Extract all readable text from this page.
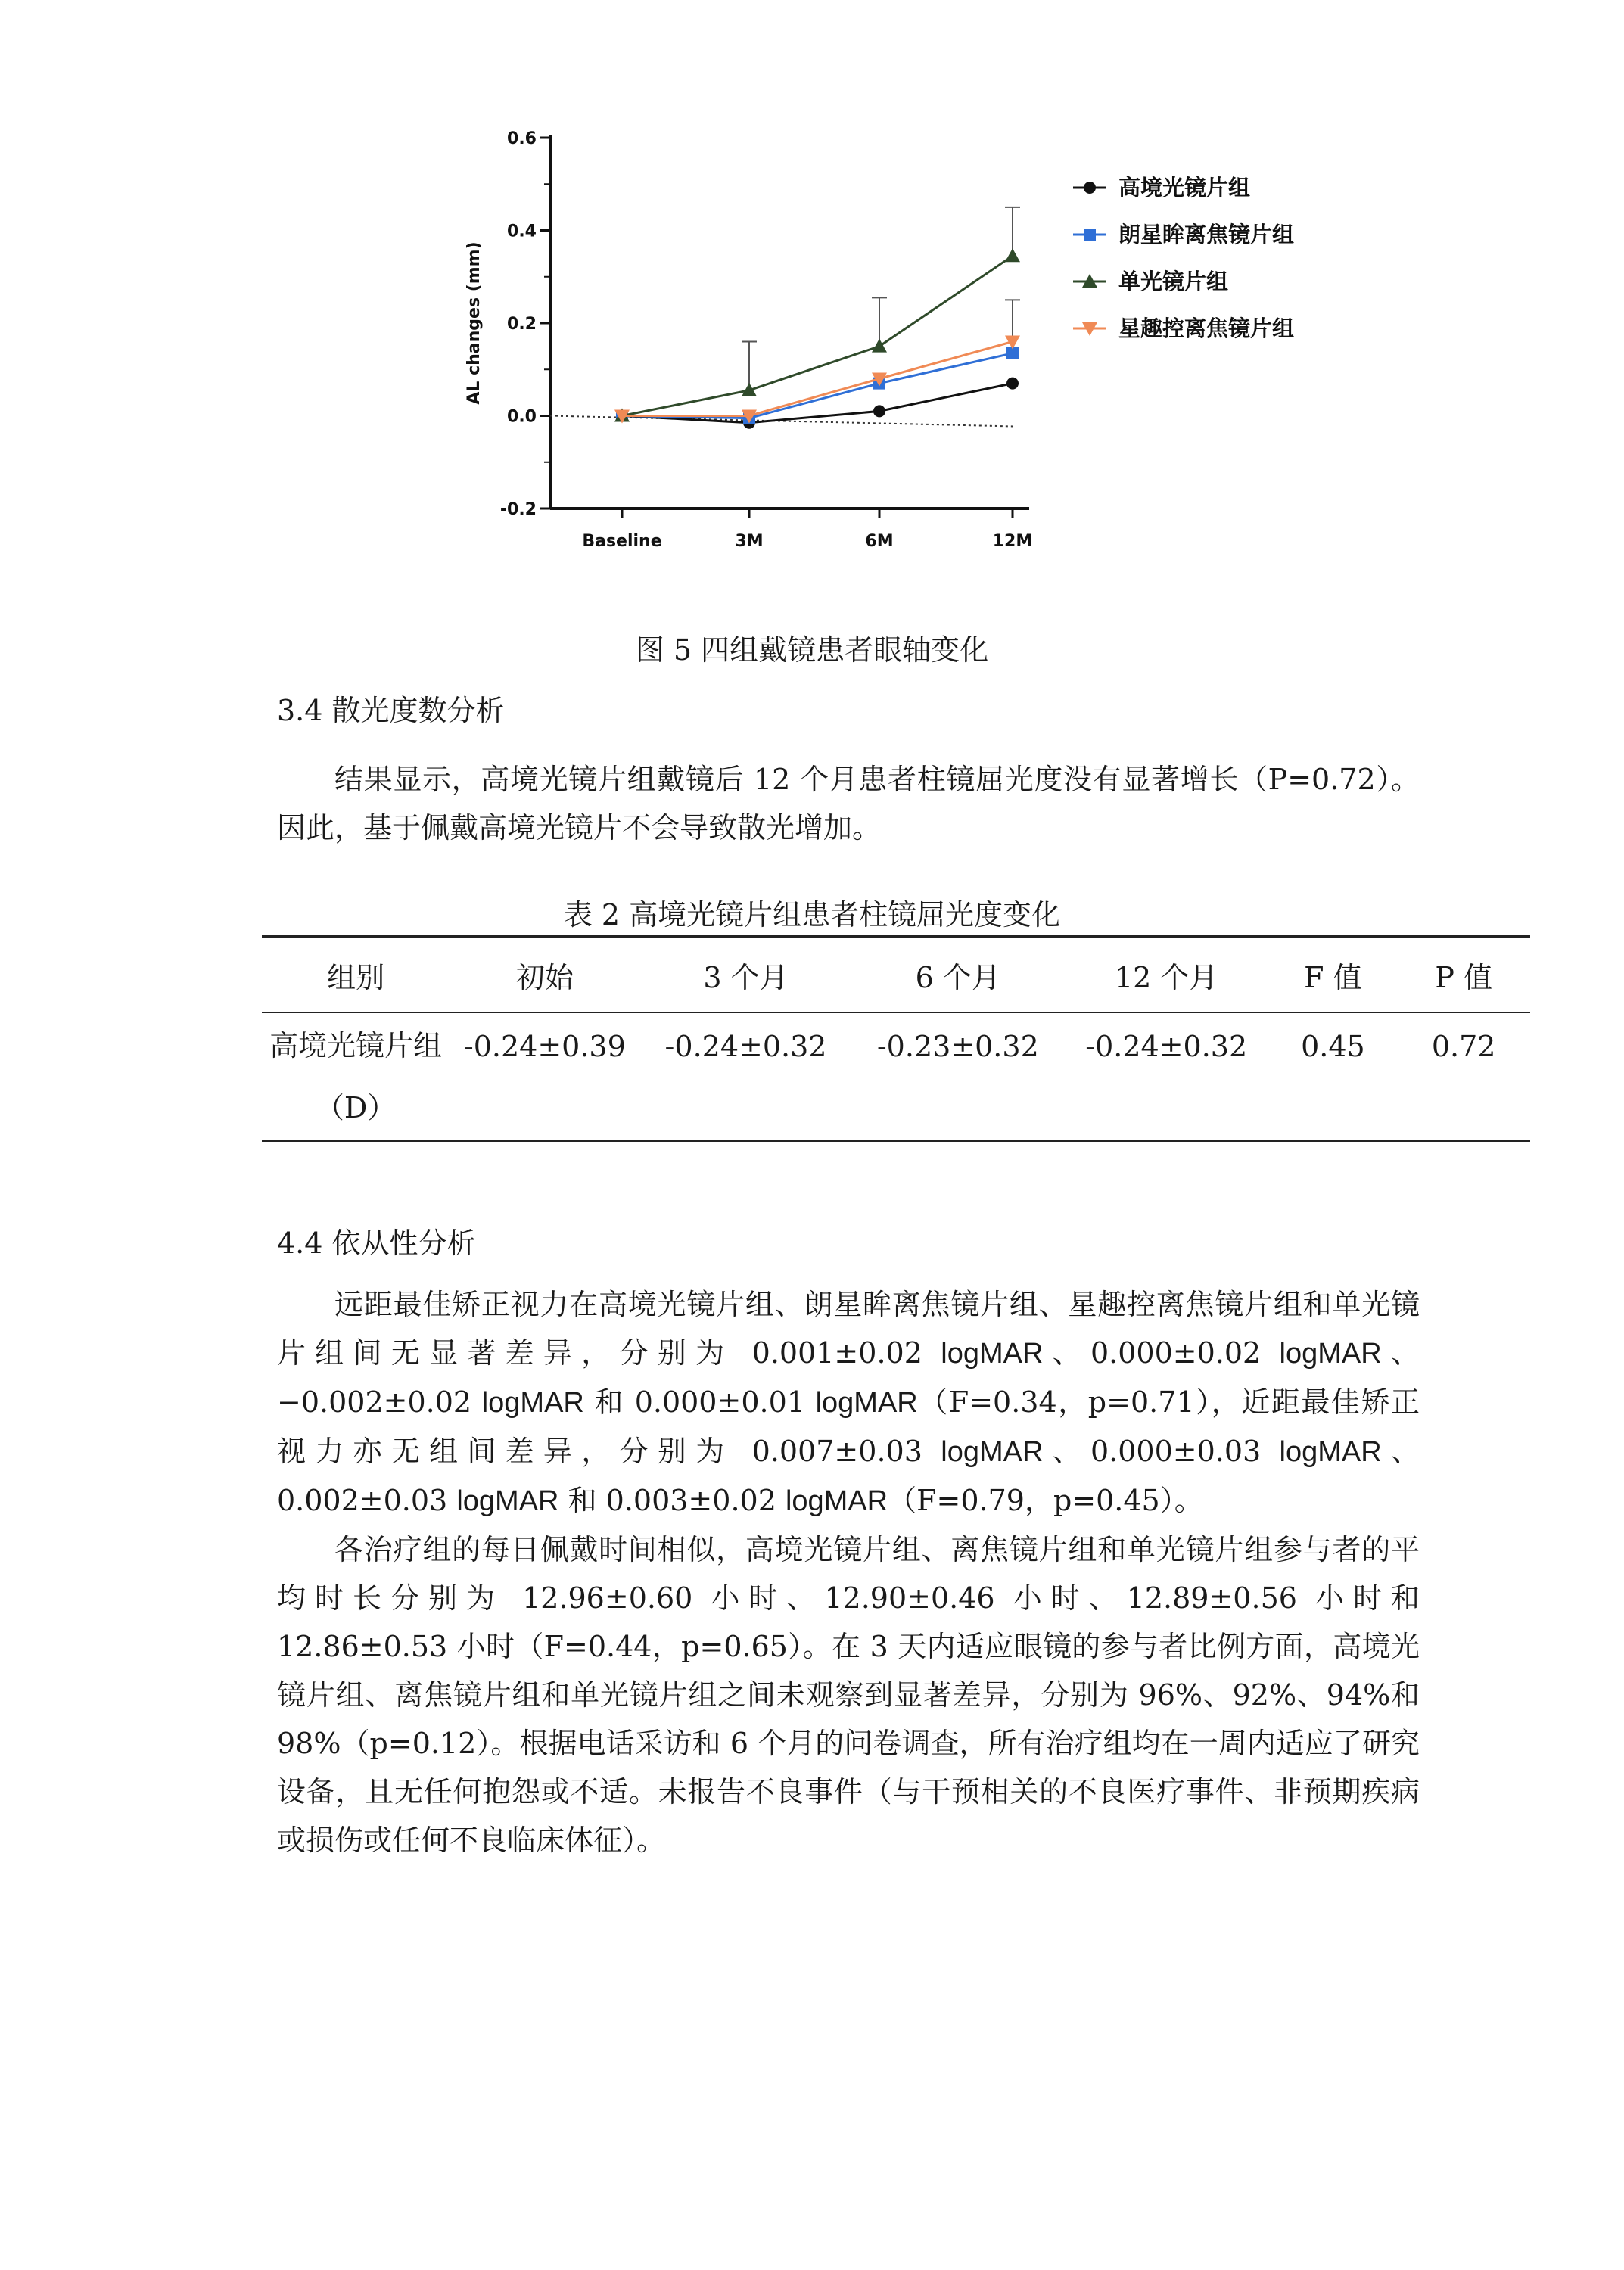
0.6
0.4
0.2
0.0
-0.2
AL changes (mm)
Baseline	3M	6M	12M
高境光镜片组
朗星眸离焦镜片组
单光镜片组
星趣控离焦镜片组
图 5 四组戴镜患者眼轴变化
3.4 散光度数分析

结果显示，高境光镜片组戴镜后 12 个月患者柱镜屈光度没有显著增长（P=0.72）。因此，基于佩戴高境光镜片不会导致散光增加。

表 2 高境光镜片组患者柱镜屈光度变化
组别	初始	3 个月	6 个月	12 个月	F 值	P 值
高境光镜片组（D）	-0.24±0.39	-0.24±0.32	-0.23±0.32	-0.24±0.32	0.45	0.72
4.4 依从性分析

远距最佳矫正视力在高境光镜片组、朗星眸离焦镜片组、星趣控离焦镜片组和单光镜片组间无显著差异，分别为 0.001±0.02 logMAR、0.000±0.02 logMAR、−0.002±0.02 logMAR 和 0.000±0.01 logMAR（F=0.34，p=0.71），近距最佳矫正视力亦无组间差异，分别为 0.007±0.03 logMAR、0.000±0.03 logMAR、0.002±0.03 logMAR 和 0.003±0.02 logMAR（F=0.79，p=0.45）。

各治疗组的每日佩戴时间相似，高境光镜片组、离焦镜片组和单光镜片组参与者的平均时长分别为 12.96±0.60 小时、12.90±0.46 小时、12.89±0.56 小时和 12.86±0.53 小时（F=0.44，p=0.65）。在 3 天内适应眼镜的参与者比例方面，高境光镜片组、离焦镜片组和单光镜片组之间未观察到显著差异，分别为 96%、92%、94%和 98%（p=0.12）。根据电话采访和 6 个月的问卷调查，所有治疗组均在一周内适应了研究设备，且无任何抱怨或不适。未报告不良事件（与干预相关的不良医疗事件、非预期疾病或损伤或任何不良临床体征）。
